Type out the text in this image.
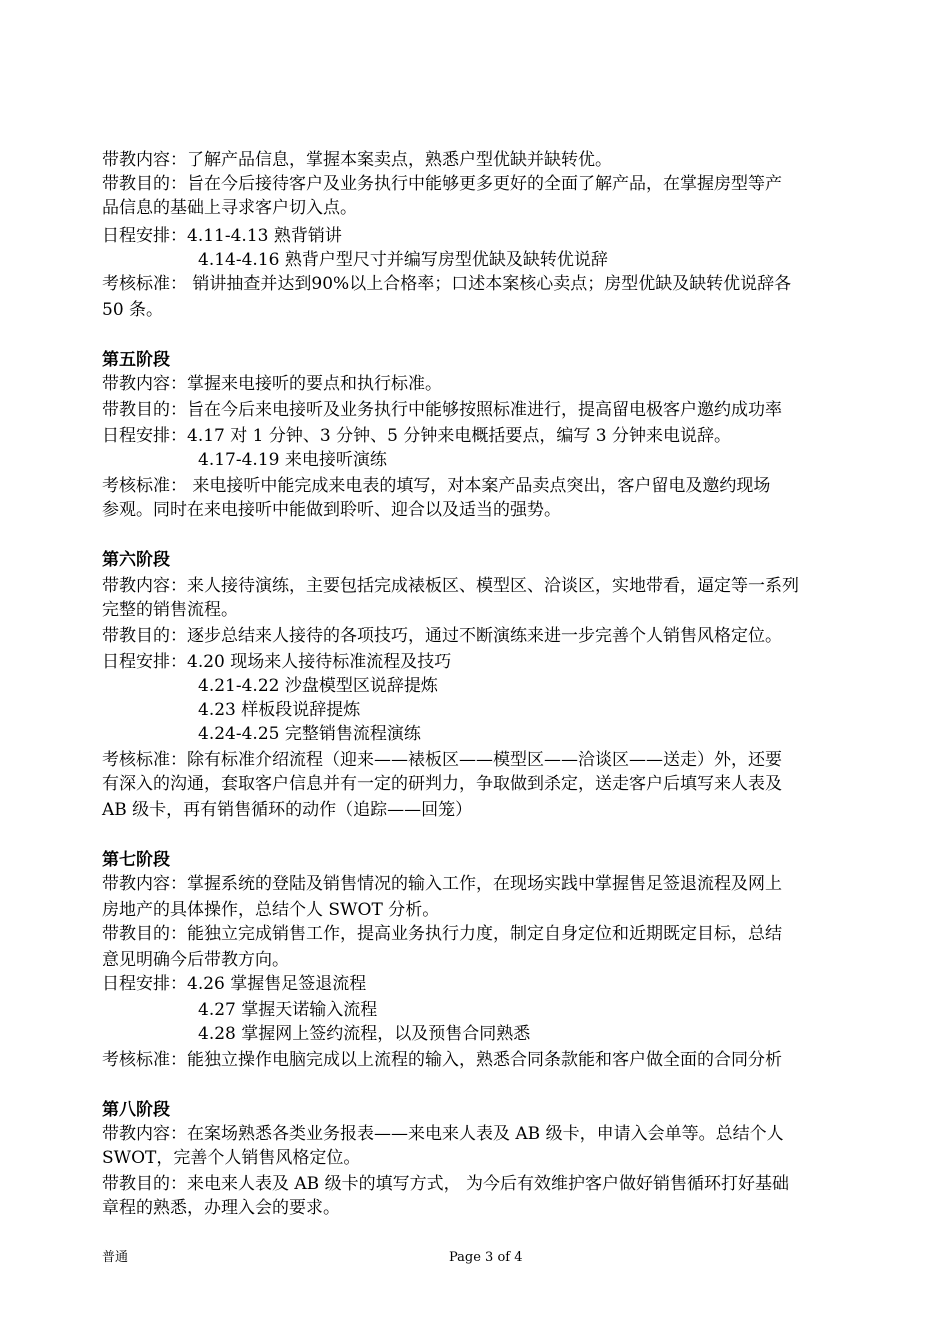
带教内容：了解产品信息，掌握本案卖点，熟悉户型优缺并缺转优。

带教目的：旨在今后接待客户及业务执行中能够更多更好的全面了解产品，在掌握房型等产

品信息的基础上寻求客户切入点。

日程安排：4.11-4.13 熟背销讲

4.14-4.16 熟背户型尺寸并编写房型优缺及缺转优说辞

考核标准： 销讲抽查并达到90%以上合格率；口述本案核心卖点；房型优缺及缺转优说辞各

50 条。

第五阶段

带教内容：掌握来电接听的要点和执行标准。

带教目的：旨在今后来电接听及业务执行中能够按照标准进行，提高留电极客户邀约成功率

日程安排：4.17 对 1 分钟、3 分钟、5 分钟来电概括要点，编写 3 分钟来电说辞。

4.17-4.19 来电接听演练

考核标准： 来电接听中能完成来电表的填写，对本案产品卖点突出，客户留电及邀约现场

参观。同时在来电接听中能做到聆听、迎合以及适当的强势。

第六阶段

带教内容：来人接待演练，主要包括完成裱板区、模型区、洽谈区，实地带看，逼定等一系列

完整的销售流程。

带教目的：逐步总结来人接待的各项技巧，通过不断演练来进一步完善个人销售风格定位。

日程安排：4.20 现场来人接待标准流程及技巧

4.21-4.22 沙盘模型区说辞提炼

4.23 样板段说辞提炼

4.24-4.25 完整销售流程演练

考核标准：除有标准介绍流程（迎来——裱板区——模型区——洽谈区——送走）外，还要

有深入的沟通，套取客户信息并有一定的研判力，争取做到杀定，送走客户后填写来人表及

AB 级卡，再有销售循环的动作（追踪——回笼）

第七阶段

带教内容：掌握系统的登陆及销售情况的输入工作，在现场实践中掌握售足签退流程及网上

房地产的具体操作，总结个人 SWOT 分析。

带教目的：能独立完成销售工作，提高业务执行力度，制定自身定位和近期既定目标，总结

意见明确今后带教方向。

日程安排：4.26 掌握售足签退流程

4.27 掌握天诺输入流程

4.28 掌握网上签约流程，以及预售合同熟悉

考核标准：能独立操作电脑完成以上流程的输入，熟悉合同条款能和客户做全面的合同分析

第八阶段

带教内容：在案场熟悉各类业务报表——来电来人表及 AB 级卡，申请入会单等。总结个人

SWOT，完善个人销售风格定位。

带教目的：来电来人表及 AB 级卡的填写方式， 为今后有效维护客户做好销售循环打好基础

章程的熟悉，办理入会的要求。

普通	Page 3 of 4
